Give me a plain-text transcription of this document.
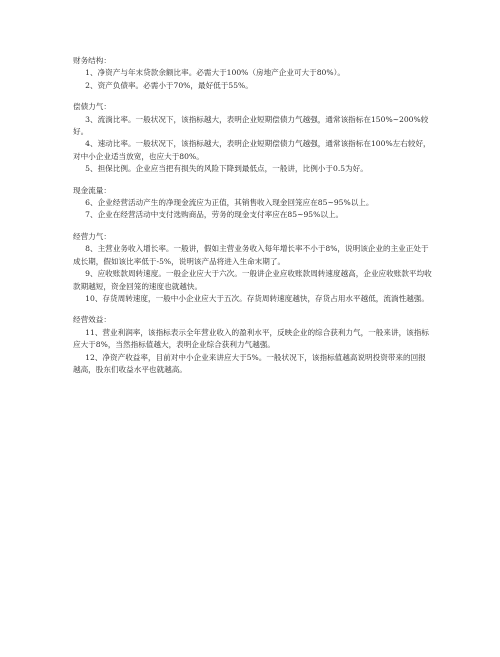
财务结构：

1、净资产与年末贷款余额比率。必需大于100%（房地产企业可大于80%）。

2、资产负债率。必需小于70%，最好低于55%。

偿债力气：

3、流淌比率。一般状况下，该指标越大，表明企业短期偿债力气越强，通常该指标在150%~200%较好。

4、速动比率。一般状况下，该指标越大，表明企业短期偿债力气越强，通常该指标在100%左右较好，对中小企业适当放宽，也应大于80%。

5、担保比例。企业应当把有损失的风险下降到最低点，一般讲，比例小于0.5为好。

现金流量：

6、企业经营活动产生的净现金流应为正值，其销售收入现金回笼应在85~95%以上。

7、企业在经营活动中支付选购商品，劳务的现金支付率应在85~95%以上。

经营力气：

8、主营业务收入增长率。一般讲，假如主营业务收入每年增长率不小于8%，说明该企业的主业正处于成长期，假如该比率低于-5%，说明该产品将进入生命末期了。

9、应收账款周转速度。一般企业应大于六次。一般讲企业应收账款周转速度越高，企业应收账款平均收款期越短，资金回笼的速度也就越快。

10、存货周转速度，一般中小企业应大于五次。存货周转速度越快，存货占用水平越低，流淌性越强。

经营效益：

11、营业利润率，该指标表示全年营业收入的盈利水平，反映企业的综合获利力气，一般来讲，该指标应大于8%，当然指标值越大，表明企业综合获利力气越强。

12、净资产收益率，目前对中小企业来讲应大于5%。一般状况下，该指标值越高说明投资带来的回报越高，股东们收益水平也就越高。
